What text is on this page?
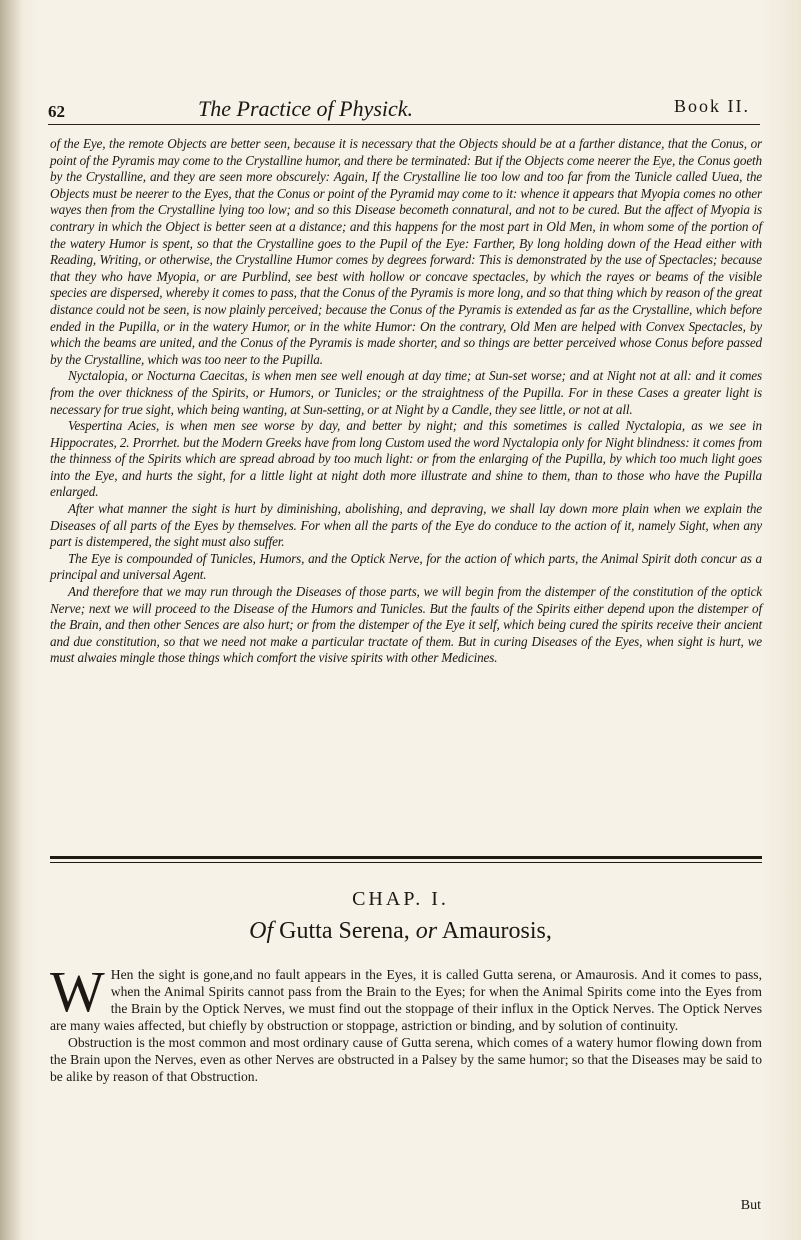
62	The Practice of Physick.	Book II.

of the Eye, the remote Objects are better seen, because it is necessary that the Objects should be at a farther distance, that the Conus, or point of the Pyramis may come to the Crystalline humor, and there be terminated: But if the Objects come neerer the Eye, the Conus goeth by the Crystalline, and they are seen more obscurely: Again, If the Crystalline lie too low and too far from the Tunicle called Uuea, the Objects must be neerer to the Eyes, that the Conus or point of the Pyramid may come to it: whence it appears that Myopia comes no other wayes then from the Crystalline lying too low; and so this Disease becometh connatural, and not to be cured. But the affect of Myopia is contrary in which the Object is better seen at a distance; and this happens for the most part in Old Men, in whom some of the portion of the watery Humor is spent, so that the Crystalline goes to the Pupil of the Eye: Farther, By long holding down of the Head either with Reading, Writing, or otherwise, the Crystalline Humor comes by degrees forward: This is demonstrated by the use of Spectacles; because that they who have Myopia, or are Purblind, see best with hollow or concave spectacles, by which the rayes or beams of the visible species are dispersed, whereby it comes to pass, that the Conus of the Pyramis is more long, and so that thing which by reason of the great distance could not be seen, is now plainly perceived; because the Conus of the Pyramis is extended as far as the Crystalline, which before ended in the Pupilla, or in the watery Humor, or in the white Humor: On the contrary, Old Men are helped with Convex Spectacles, by which the beams are united, and the Conus of the Pyramis is made shorter, and so things are better perceived whose Conus before passed by the Crystalline, which was too neer to the Pupilla.

Nyctalopia, or Nocturna Caecitas, is when men see well enough at day time; at Sun-set worse; and at Night not at all: and it comes from the over thickness of the Spirits, or Humors, or Tunicles; or the straightness of the Pupilla. For in these Cases a greater light is necessary for true sight, which being wanting, at Sun-setting, or at Night by a Candle, they see little, or not at all.

Vespertina Acies, is when men see worse by day, and better by night; and this sometimes is called Nyctalopia, as we see in Hippocrates, 2. Prorrhet. but the Modern Greeks have from long Custom used the word Nyctalopia only for Night blindness: it comes from the thinness of the Spirits which are spread abroad by too much light: or from the enlarging of the Pupilla, by which too much light goes into the Eye, and hurts the sight, for a little light at night doth more illustrate and shine to them, than to those who have the Pupilla enlarged.

After what manner the sight is hurt by diminishing, abolishing, and depraving, we shall lay down more plain when we explain the Diseases of all parts of the Eyes by themselves. For when all the parts of the Eye do conduce to the action of it, namely Sight, when any part is distempered, the sight must also suffer.

The Eye is compounded of Tunicles, Humors, and the Optick Nerve, for the action of which parts, the Animal Spirit doth concur as a principal and universal Agent.

And therefore that we may run through the Diseases of those parts, we will begin from the distemper of the constitution of the optick Nerve; next we will proceed to the Disease of the Humors and Tunicles. But the faults of the Spirits either depend upon the distemper of the Brain, and then other Sences are also hurt; or from the distemper of the Eye it self, which being cured the spirits receive their ancient and due constitution, so that we need not make a particular tractate of them. But in curing Diseases of the Eyes, when sight is hurt, we must alwaies mingle those things which comfort the visive spirits with other Medicines.

CHAP. I.
Of Gutta Serena, or Amaurosis,

W Hen the sight is gone,and no fault appears in the Eyes, it is called Gutta serena, or Amaurosis. And it comes to pass, when the Animal Spirits cannot pass from the Brain to the Eyes; for when the Animal Spirits come into the Eyes from the Brain by the Optick Nerves, we must find out the stoppage of their influx in the Optick Nerves. The Optick Nerves are many waies affected, but chiefly by obstruction or stoppage, astriction or binding, and by solution of continuity.

Obstruction is the most common and most ordinary cause of Gutta serena, which comes of a watery humor flowing down from the Brain upon the Nerves, even as other Nerves are obstructed in a Palsey by the same humor; so that the Diseases may be said to be alike by reason of that Obstruction.

But
